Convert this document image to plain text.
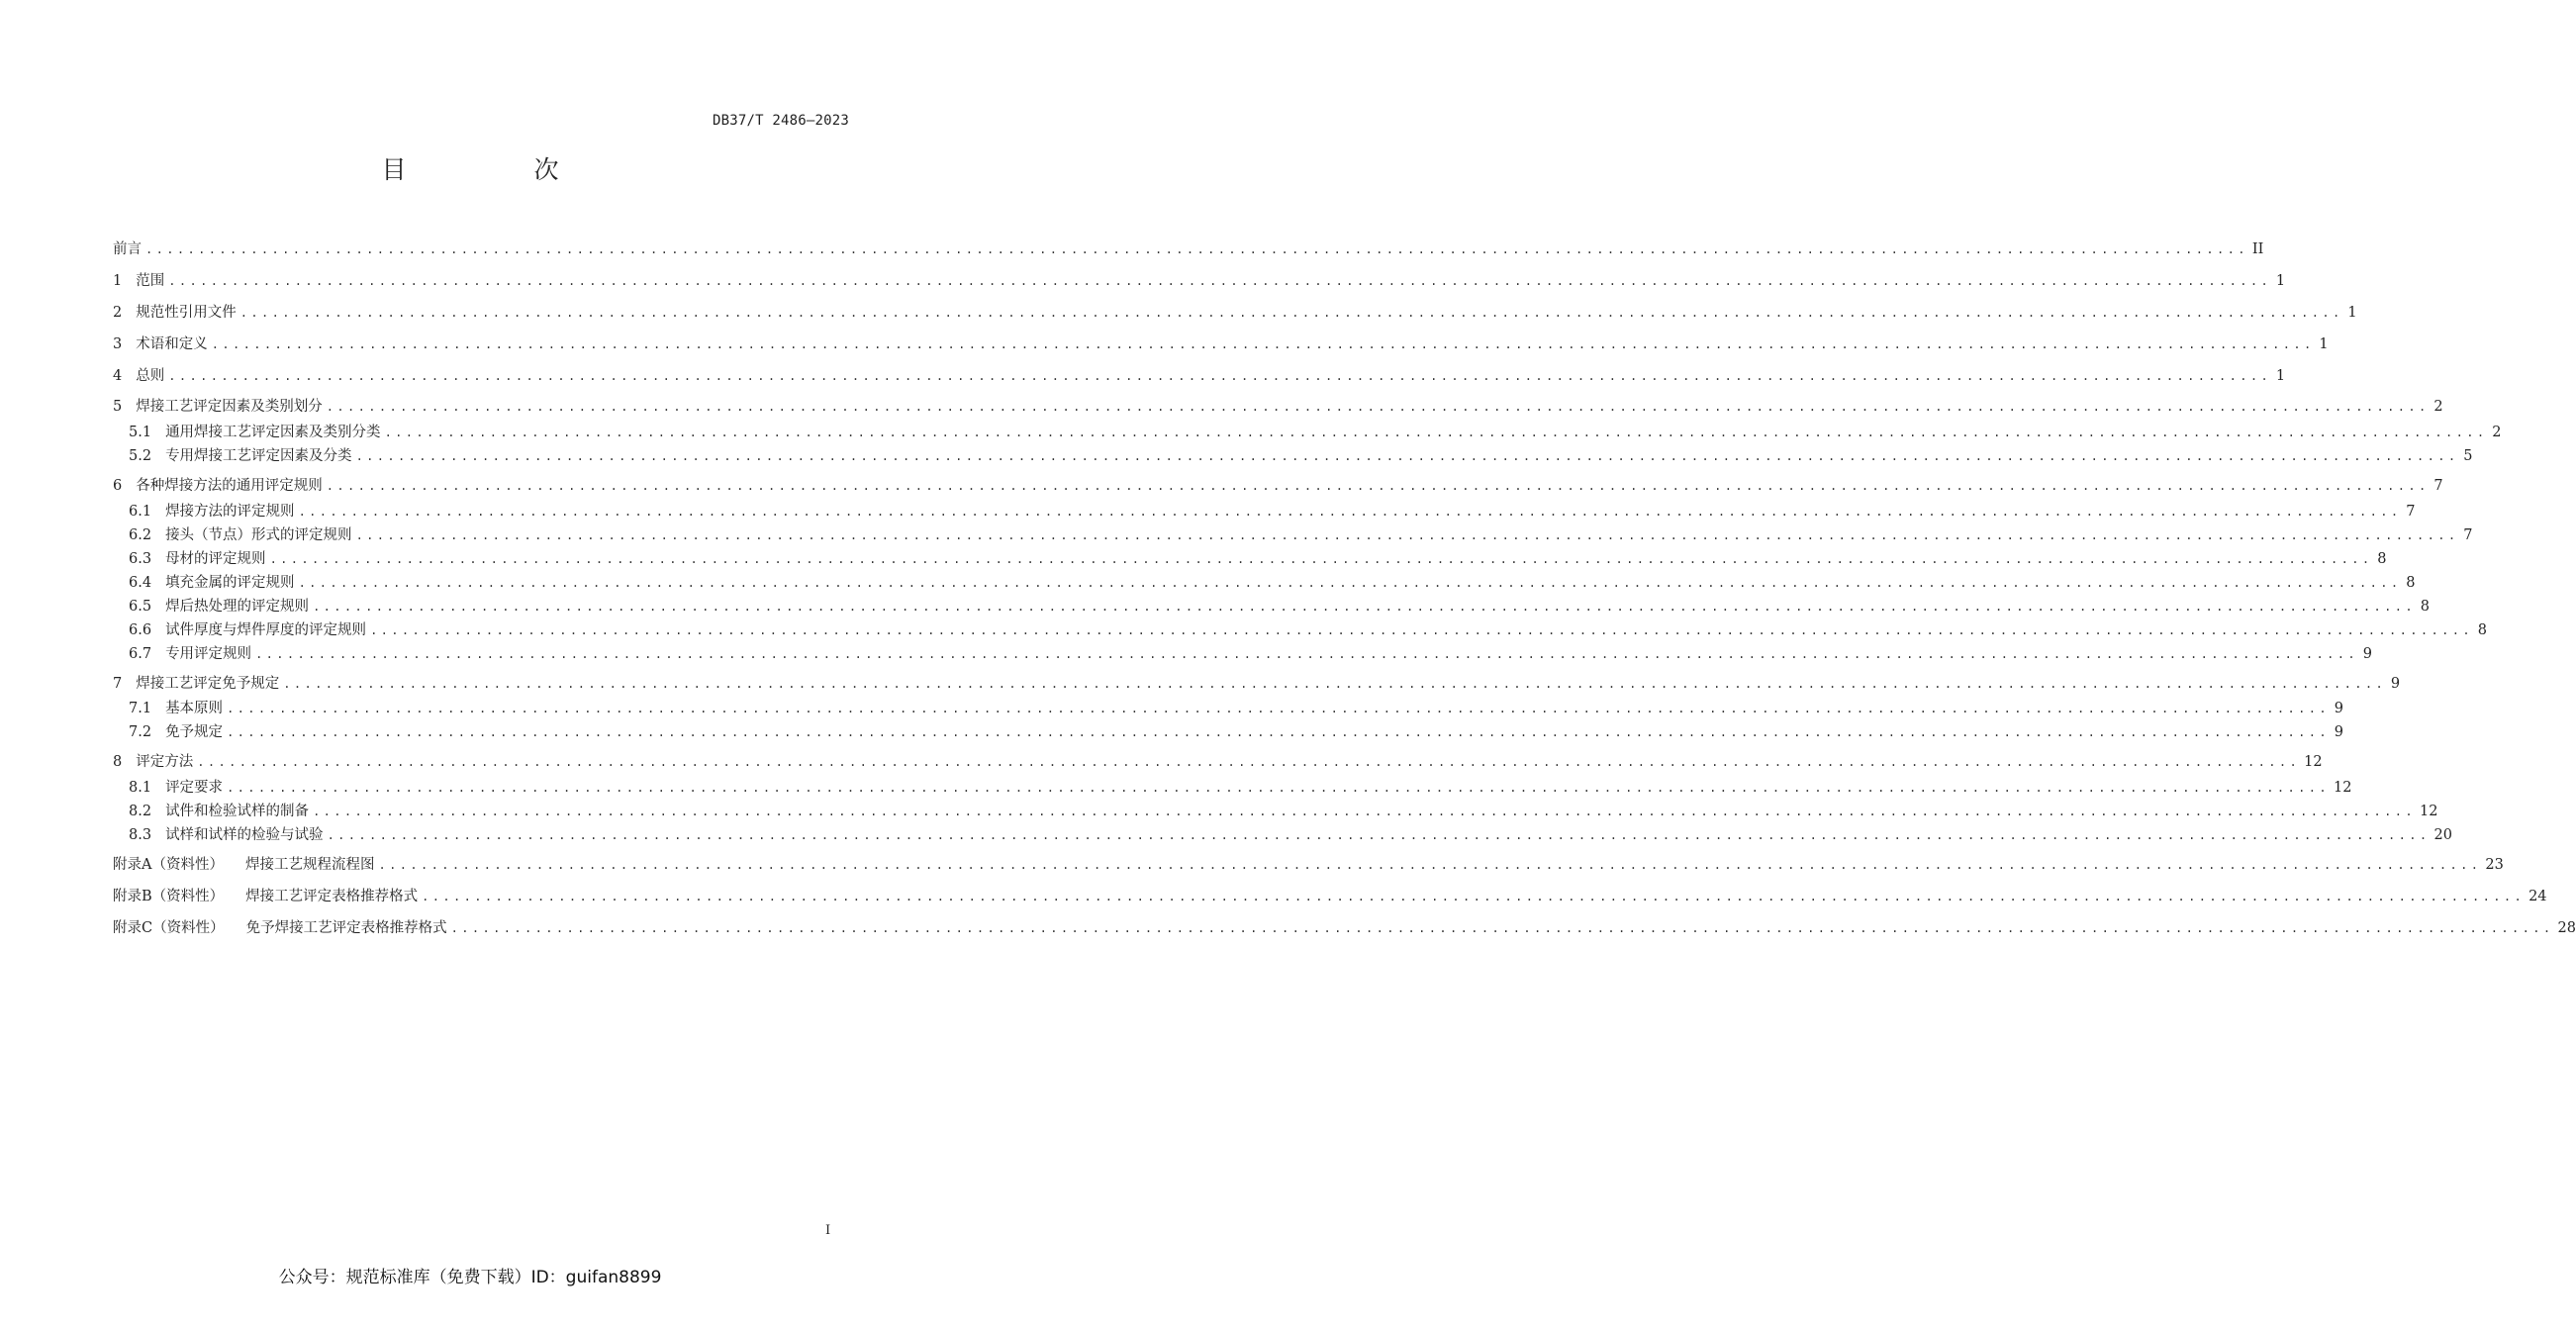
DB37/T 2486—2023
目　次
前言 ........................................................................................................................................................................................................ II
1 范围 ........................................................................................................................................................................................................ 1
2 规范性引用文件 ........................................................................................................................................................................................................ 1
3 术语和定义 ........................................................................................................................................................................................................ 1
4 总则 ........................................................................................................................................................................................................ 1
5 焊接工艺评定因素及类别划分 ........................................................................................................................................................................................................ 2
5.1 通用焊接工艺评定因素及类别分类 ........................................................................................................................................................................................................ 2
5.2 专用焊接工艺评定因素及分类 ........................................................................................................................................................................................................ 5
6 各种焊接方法的通用评定规则 ........................................................................................................................................................................................................ 7
6.1 焊接方法的评定规则 ........................................................................................................................................................................................................ 7
6.2 接头（节点）形式的评定规则 ........................................................................................................................................................................................................ 7
6.3 母材的评定规则 ........................................................................................................................................................................................................ 8
6.4 填充金属的评定规则 ........................................................................................................................................................................................................ 8
6.5 焊后热处理的评定规则 ........................................................................................................................................................................................................ 8
6.6 试件厚度与焊件厚度的评定规则 ........................................................................................................................................................................................................ 8
6.7 专用评定规则 ........................................................................................................................................................................................................ 9
7 焊接工艺评定免予规定 ........................................................................................................................................................................................................ 9
7.1 基本原则 ........................................................................................................................................................................................................ 9
7.2 免予规定 ........................................................................................................................................................................................................ 9
8 评定方法 ........................................................................................................................................................................................................ 12
8.1 评定要求 ........................................................................................................................................................................................................ 12
8.2 试件和检验试样的制备 ........................................................................................................................................................................................................ 12
8.3 试样和试样的检验与试验 ........................................................................................................................................................................................................ 20
附录A（资料性） 焊接工艺规程流程图 ........................................................................................................................................................................................................ 23
附录B（资料性） 焊接工艺评定表格推荐格式 ........................................................................................................................................................................................................ 24
附录C（资料性） 免予焊接工艺评定表格推荐格式 ........................................................................................................................................................................................................ 28
I
公众号：规范标准库（免费下载）ID：guifan8899
